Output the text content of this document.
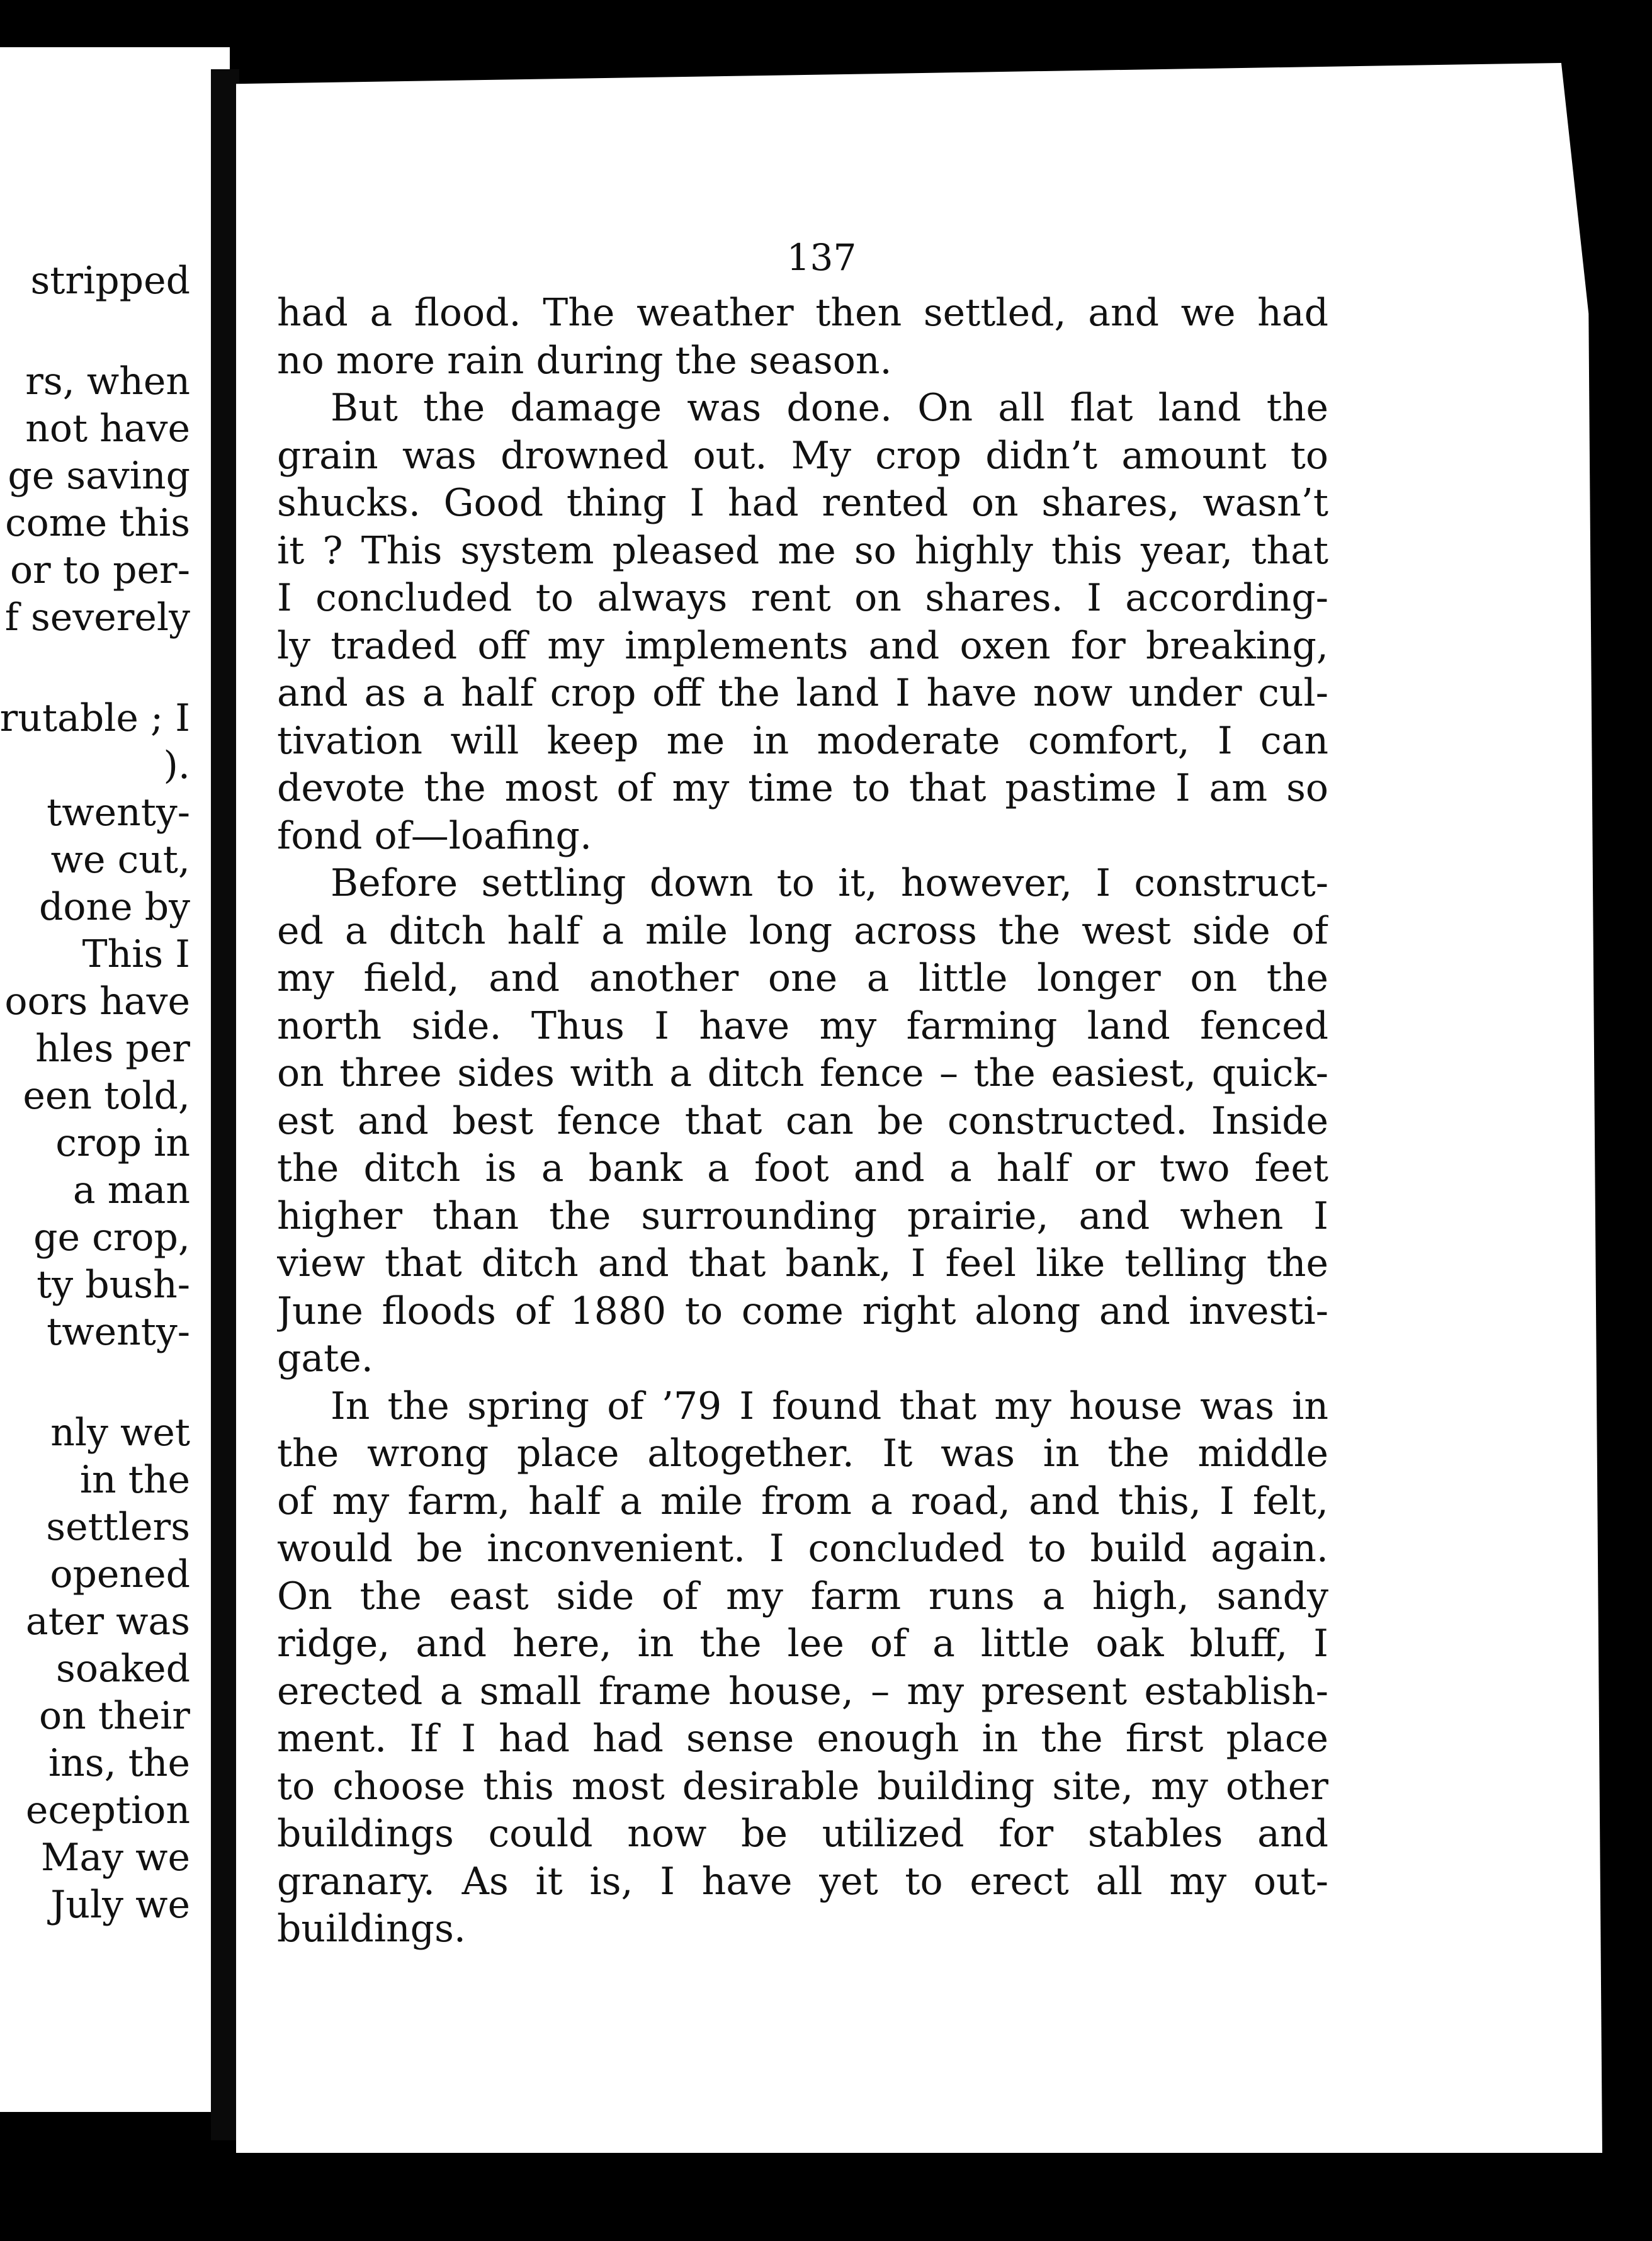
stripped
rs, when
not have
ge saving
come this
or to per-
f severely
rutable ; I
).
twenty-
we cut,
done by
This I
oors have
hles per
een told,
crop in
a man
ge crop,
ty bush-
twenty-
nly wet
in the
settlers
opened
ater was
soaked
on their
ins, the
eception
May we
July we
137
had a flood. The weather then settled, and we had
no more rain during the season.
But the damage was done. On all flat land the
grain was drowned out. My crop didn’t amount to
shucks. Good thing I had rented on shares, wasn’t
it ? This system pleased me so highly this year, that
I concluded to always rent on shares. I according-
ly traded off my implements and oxen for breaking,
and as a half crop off the land I have now under cul-
tivation will keep me in moderate comfort, I can
devote the most of my time to that pastime I am so
fond of—loafing.
Before settling down to it, however, I construct-
ed a ditch half a mile long across the west side of
my field, and another one a little longer on the
north side. Thus I have my farming land fenced
on three sides with a ditch fence – the easiest, quick-
est and best fence that can be constructed. Inside
the ditch is a bank a foot and a half or two feet
higher than the surrounding prairie, and when I
view that ditch and that bank, I feel like telling the
June floods of 1880 to come right along and investi-
gate.
In the spring of ’79 I found that my house was in
the wrong place altogether. It was in the middle
of my farm, half a mile from a road, and this, I felt,
would be inconvenient. I concluded to build again.
On the east side of my farm runs a high, sandy
ridge, and here, in the lee of a little oak bluff, I
erected a small frame house, – my present establish-
ment. If I had had sense enough in the first place
to choose this most desirable building site, my other
buildings could now be utilized for stables and
granary. As it is, I have yet to erect all my out-
buildings.
